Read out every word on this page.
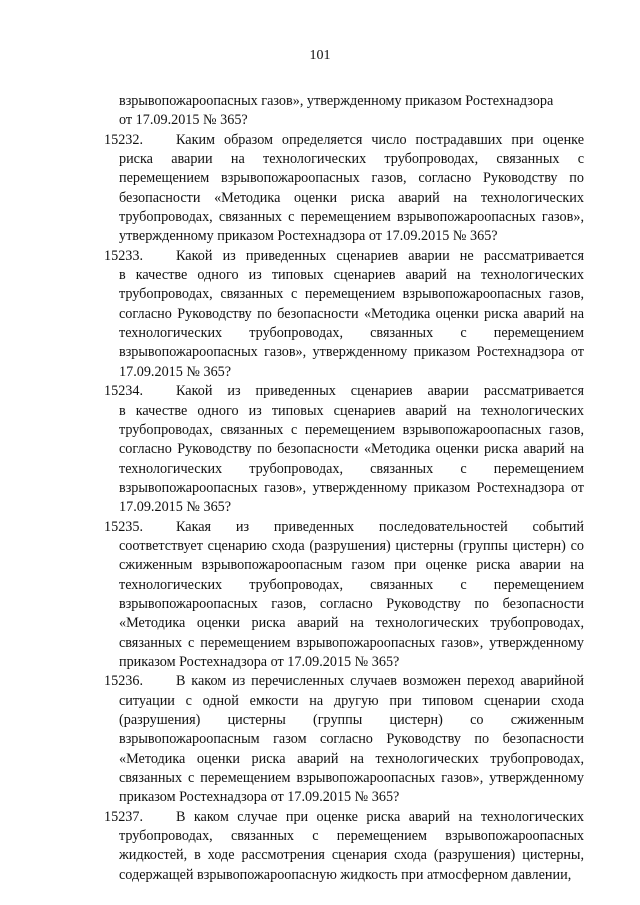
101
взрывопожароопасных газов», утвержденному приказом Ростехнадзора
от 17.09.2015 № 365?
15232.	Каким образом определяется число пострадавших при оценке
риска аварии на технологических трубопроводах, связанных с перемещением взрывопожароопасных газов, согласно Руководству по безопасности «Методика оценки риска аварий на технологических трубопроводах, связанных с перемещением взрывопожароопасных газов», утвержденному приказом Ростехнадзора от 17.09.2015 № 365?
15233.	Какой из приведенных сценариев аварии не рассматривается
в качестве одного из типовых сценариев аварий на технологических трубопроводах, связанных с перемещением взрывопожароопасных газов, согласно Руководству по безопасности «Методика оценки риска аварий на технологических трубопроводах, связанных с перемещением взрывопожароопасных газов», утвержденному приказом Ростехнадзора от 17.09.2015 № 365?
15234.	Какой из приведенных сценариев аварии рассматривается
в качестве одного из типовых сценариев аварий на технологических трубопроводах, связанных с перемещением взрывопожароопасных газов, согласно Руководству по безопасности «Методика оценки риска аварий на технологических трубопроводах, связанных с перемещением взрывопожароопасных газов», утвержденному приказом Ростехнадзора от 17.09.2015 № 365?
15235.	Какая из приведенных последовательностей событий
соответствует сценарию схода (разрушения) цистерны (группы цистерн) со сжиженным взрывопожароопасным газом при оценке риска аварии на технологических трубопроводах, связанных с перемещением взрывопожароопасных газов, согласно Руководству по безопасности «Методика оценки риска аварий на технологических трубопроводах, связанных с перемещением взрывопожароопасных газов», утвержденному приказом Ростехнадзора от 17.09.2015 № 365?
15236.	В каком из перечисленных случаев возможен переход аварийной
ситуации с одной емкости на другую при типовом сценарии схода (разрушения) цистерны (группы цистерн) со сжиженным взрывопожароопасным газом согласно Руководству по безопасности «Методика оценки риска аварий на технологических трубопроводах, связанных с перемещением взрывопожароопасных газов», утвержденному приказом Ростехнадзора от 17.09.2015 № 365?
15237.	В каком случае при оценке риска аварий на технологических
трубопроводах, связанных с перемещением взрывопожароопасных жидкостей, в ходе рассмотрения сценария схода (разрушения) цистерны, содержащей взрывопожароопасную жидкость при атмосферном давлении,
